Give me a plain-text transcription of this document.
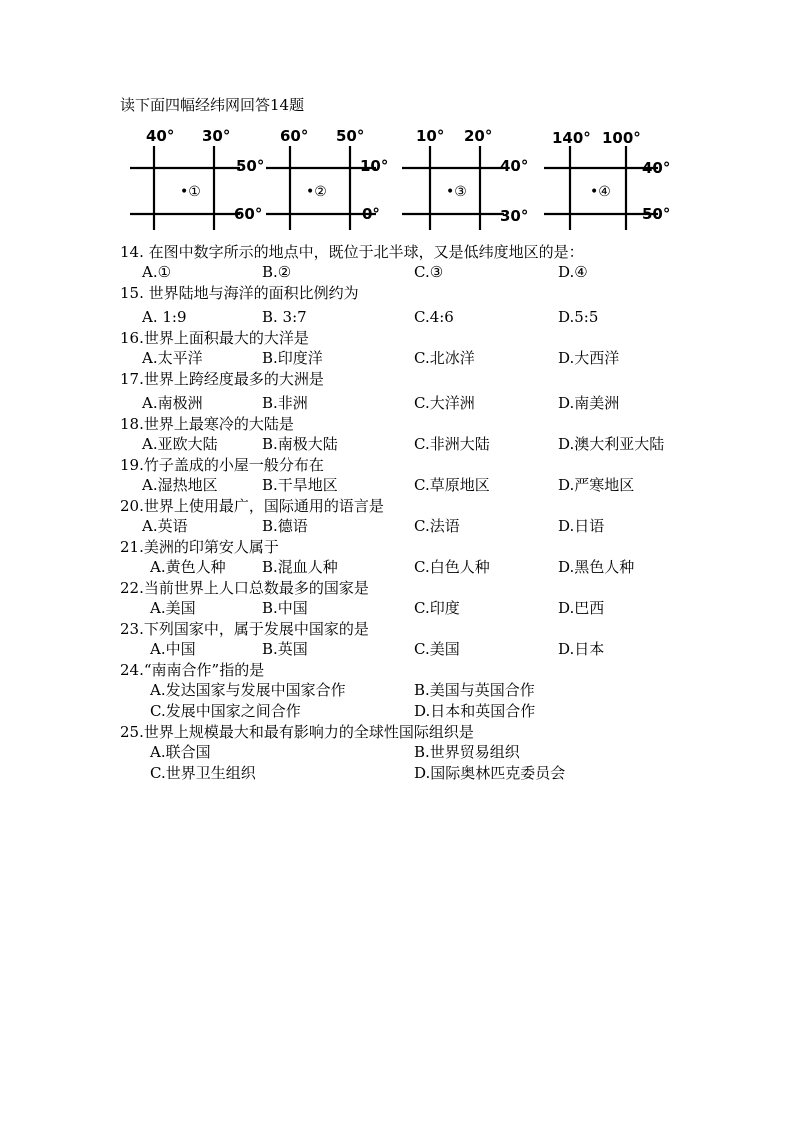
读下面四幅经纬网回答14题
40° 30°
50°
60°
•①
60° 50°
10°
0°
•②
10° 20°
40°
30°
•③
140° 100°
40°
50°
•④
14. 在图中数字所示的地点中，既位于北半球，又是低纬度地区的是：
A.①	B.②	C.③	D.④
15. 世界陆地与海洋的面积比例约为
A. 1:9	B. 3:7	C.4:6	D.5:5
16.世界上面积最大的大洋是
A.太平洋	B.印度洋	C.北冰洋	D.大西洋
17.世界上跨经度最多的大洲是
A.南极洲	B.非洲	C.大洋洲	D.南美洲
18.世界上最寒冷的大陆是
A.亚欧大陆	B.南极大陆	C.非洲大陆	D.澳大利亚大陆
19.竹子盖成的小屋一般分布在
A.湿热地区	B.干旱地区	C.草原地区	D.严寒地区
20.世界上使用最广，国际通用的语言是
A.英语	B.德语	C.法语	D.日语
21.美洲的印第安人属于
A.黄色人种 B.混血人种	C.白色人种	D.黑色人种
22.当前世界上人口总数最多的国家是
A.美国	B.中国	C.印度	D.巴西
23.下列国家中，属于发展中国家的是
A.中国	B.英国	C.美国	D.日本
24.“南南合作”指的是
A.发达国家与发展中国家合作	B.美国与英国合作
C.发展中国家之间合作	D.日本和英国合作
25.世界上规模最大和最有影响力的全球性国际组织是
A.联合国	B.世界贸易组织
C.世界卫生组织	D.国际奥林匹克委员会
